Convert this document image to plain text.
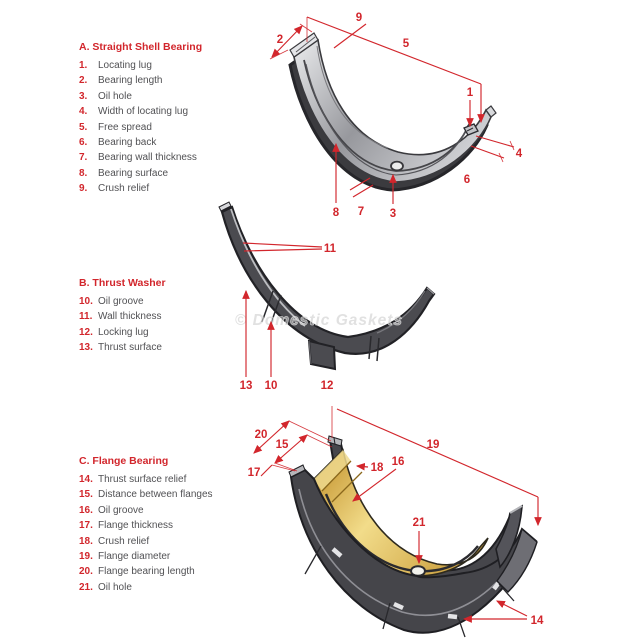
A. Straight Shell Bearing
1.	Locating lug
2.	Bearing length
3.	Oil hole
4.	Width of locating lug
5.	Free spread
6.	Bearing back
7.	Bearing wall thickness
8.	Bearing surface
9.	Crush relief
B. Thrust Washer
10. Oil groove
11. Wall thickness
12. Locking lug
13. Thrust surface
C. Flange Bearing
14. Thrust surface relief
15. Distance between flanges
16. Oil groove
17. Flange thickness
18. Crush relief
19. Flange diameter
20. Flange bearing length
21. Oil hole
9
2	5
1
4
6
8 7 3
© Domestic Gaskets
11
13 10	12
19
20
15
17	18 16
21
14
